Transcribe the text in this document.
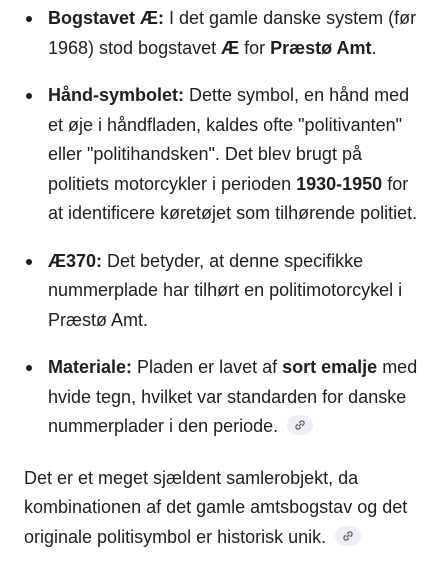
Bogstavet Æ: I det gamle danske system (før 1968) stod bogstavet Æ for Præstø Amt.
Hånd-symbolet: Dette symbol, en hånd med et øje i håndfladen, kaldes ofte "politivanten" eller "politihandsken". Det blev brugt på politiets motorcykler i perioden 1930-1950 for at identificere køretøjet som tilhørende politiet.
Æ370: Det betyder, at denne specifikke nummerplade har tilhørt en politimotorcykel i Præstø Amt.
Materiale: Pladen er lavet af sort emalje med hvide tegn, hvilket var standarden for danske nummerplader i den periode.

Det er et meget sjældent samlerobjekt, da kombinationen af det gamle amtsbogstav og det originale politisymbol er historisk unik.
